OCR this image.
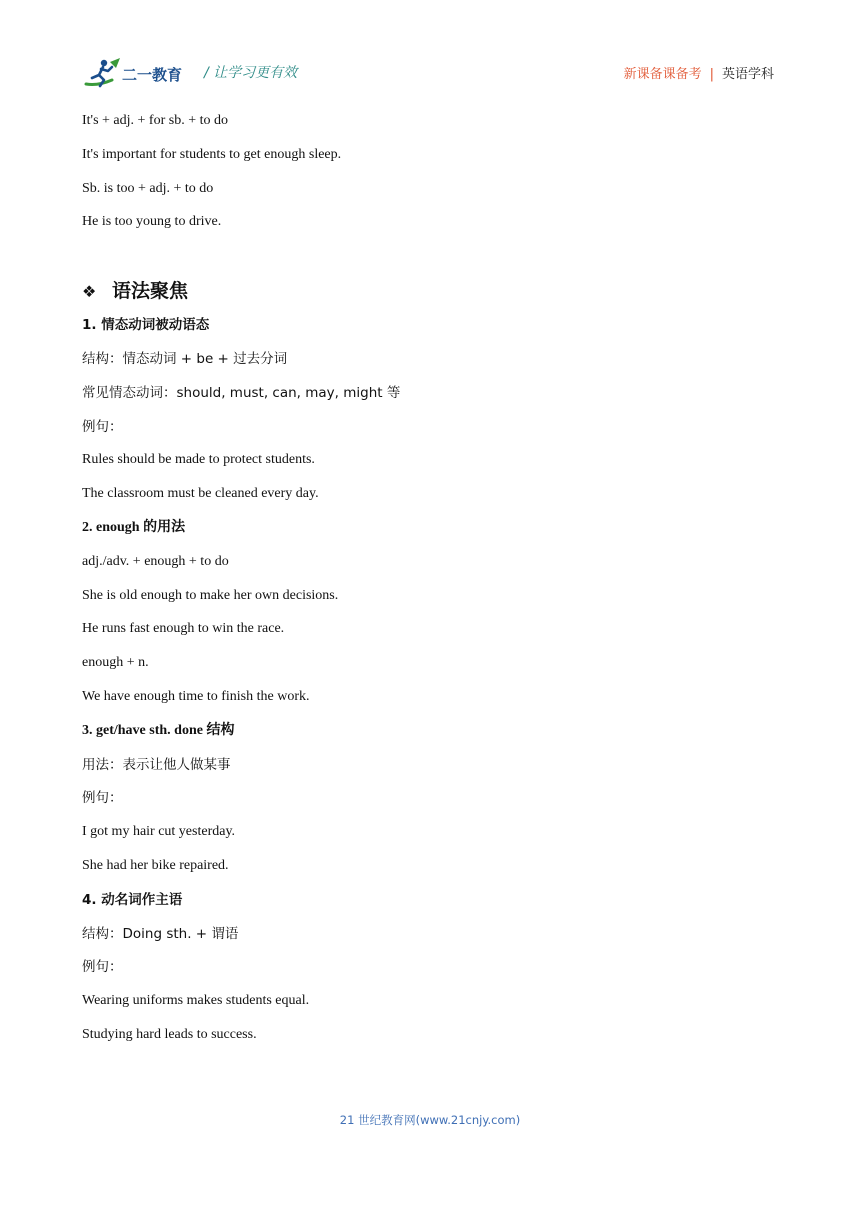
二一教育 / 让学习更有效	新课备课备考 | 英语学科
It's + adj. + for sb. + to do
It's important for students to get enough sleep.
Sb. is too + adj. + to do
He is too young to drive.
❖ 语法聚焦
1. 情态动词被动语态
结构：情态动词 + be + 过去分词
常见情态动词：should, must, can, may, might 等
例句：
Rules should be made to protect students.
The classroom must be cleaned every day.
2. enough 的用法
adj./adv. + enough + to do
She is old enough to make her own decisions.
He runs fast enough to win the race.
enough + n.
We have enough time to finish the work.
3. get/have sth. done 结构
用法：表示让他人做某事
例句：
I got my hair cut yesterday.
She had her bike repaired.
4. 动名词作主语
结构：Doing sth. + 谓语
例句：
Wearing uniforms makes students equal.
Studying hard leads to success.
21 世纪教育网(www.21cnjy.com)
